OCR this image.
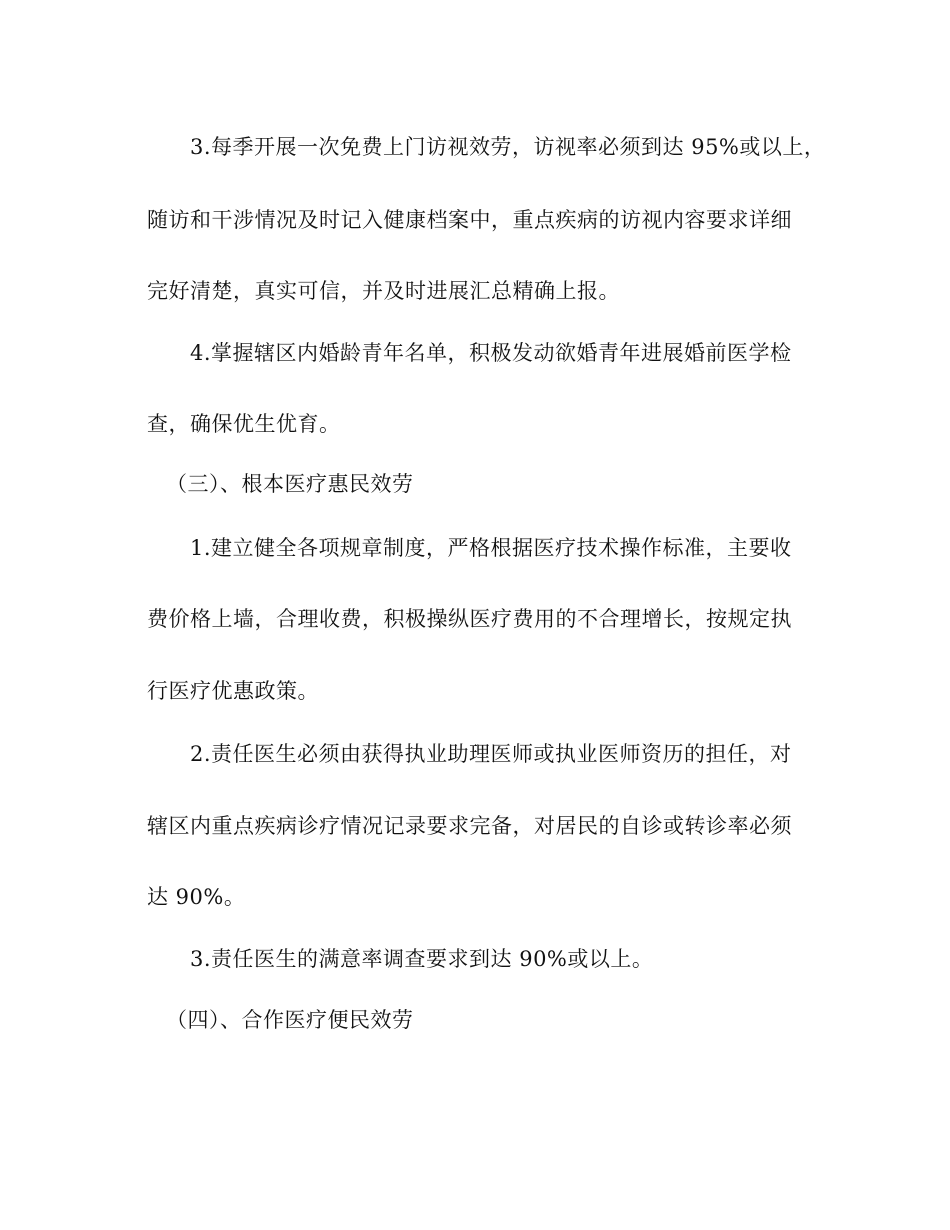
3.每季开展一次免费上门访视效劳，访视率必须到达 95%或以上，
随访和干涉情况及时记入健康档案中，重点疾病的访视内容要求详细
完好清楚，真实可信，并及时进展汇总精确上报。
4.掌握辖区内婚龄青年名单，积极发动欲婚青年进展婚前医学检
查，确保优生优育。
（三）、根本医疗惠民效劳
1.建立健全各项规章制度，严格根据医疗技术操作标准，主要收
费价格上墙，合理收费，积极操纵医疗费用的不合理增长，按规定执
行医疗优惠政策。
2.责任医生必须由获得执业助理医师或执业医师资历的担任，对
辖区内重点疾病诊疗情况记录要求完备，对居民的自诊或转诊率必须
达 90%。
3.责任医生的满意率调查要求到达 90%或以上。
（四）、合作医疗便民效劳
